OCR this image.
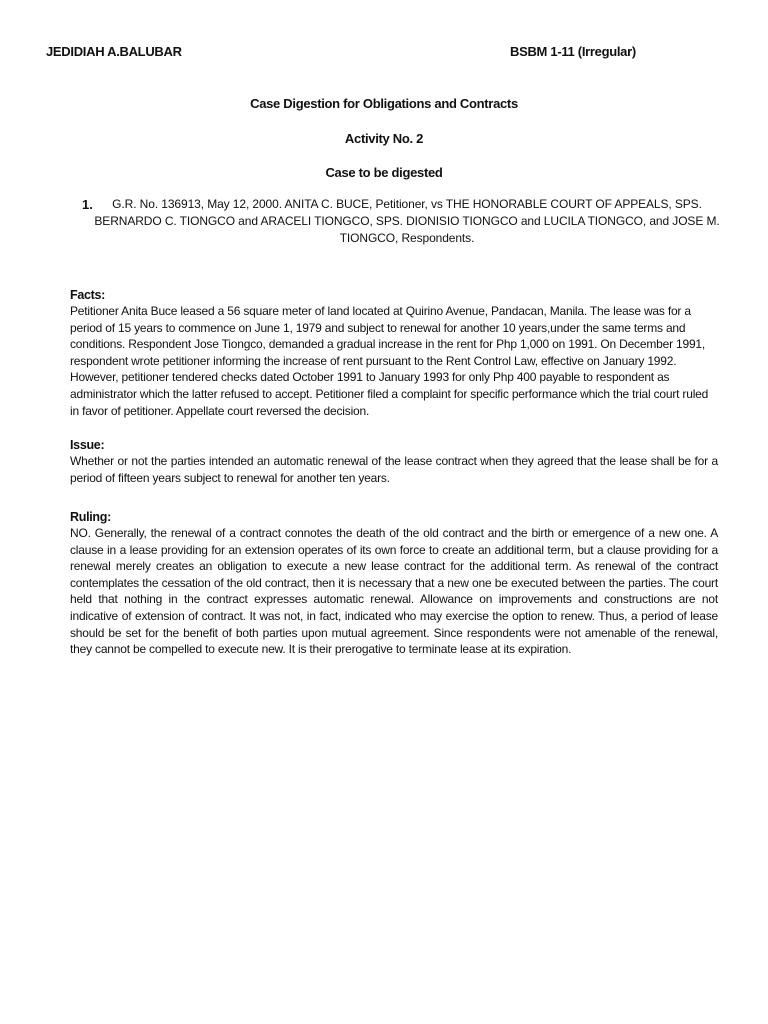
JEDIDIAH A.BALUBAR	BSBM 1-11 (Irregular)
Case Digestion for Obligations and Contracts
Activity No. 2
Case to be digested
1.	G.R. No. 136913, May 12, 2000. ANITA C. BUCE, Petitioner, vs THE HONORABLE COURT OF APPEALS, SPS. BERNARDO C. TIONGCO and ARACELI TIONGCO, SPS. DIONISIO TIONGCO and LUCILA TIONGCO, and JOSE M. TIONGCO, Respondents.
Facts:

Petitioner Anita Buce leased a 56 square meter of land located at Quirino Avenue, Pandacan, Manila. The lease was for a period of 15 years to commence on June 1, 1979 and subject to renewal for another 10 years,under the same terms and conditions. Respondent Jose Tiongco, demanded a gradual increase in the rent for Php 1,000 on 1991. On December 1991, respondent wrote petitioner informing the increase of rent pursuant to the Rent Control Law, effective on January 1992. However, petitioner tendered checks dated October 1991 to January 1993 for only Php 400 payable to respondent as administrator which the latter refused to accept. Petitioner filed a complaint for specific performance which the trial court ruled in favor of petitioner. Appellate court reversed the decision.

Issue:

Whether or not the parties intended an automatic renewal of the lease contract when they agreed that the lease shall be for a period of fifteen years subject to renewal for another ten years.

Ruling:

NO. Generally, the renewal of a contract connotes the death of the old contract and the birth or emergence of a new one. A clause in a lease providing for an extension operates of its own force to create an additional term, but a clause providing for a renewal merely creates an obligation to execute a new lease contract for the additional term. As renewal of the contract contemplates the cessation of the old contract, then it is necessary that a new one be executed between the parties. The court held that nothing in the contract expresses automatic renewal. Allowance on improvements and constructions are not indicative of extension of contract. It was not, in fact, indicated who may exercise the option to renew. Thus, a period of lease should be set for the benefit of both parties upon mutual agreement. Since respondents were not amenable of the renewal, they cannot be compelled to execute new. It is their prerogative to terminate lease at its expiration.
